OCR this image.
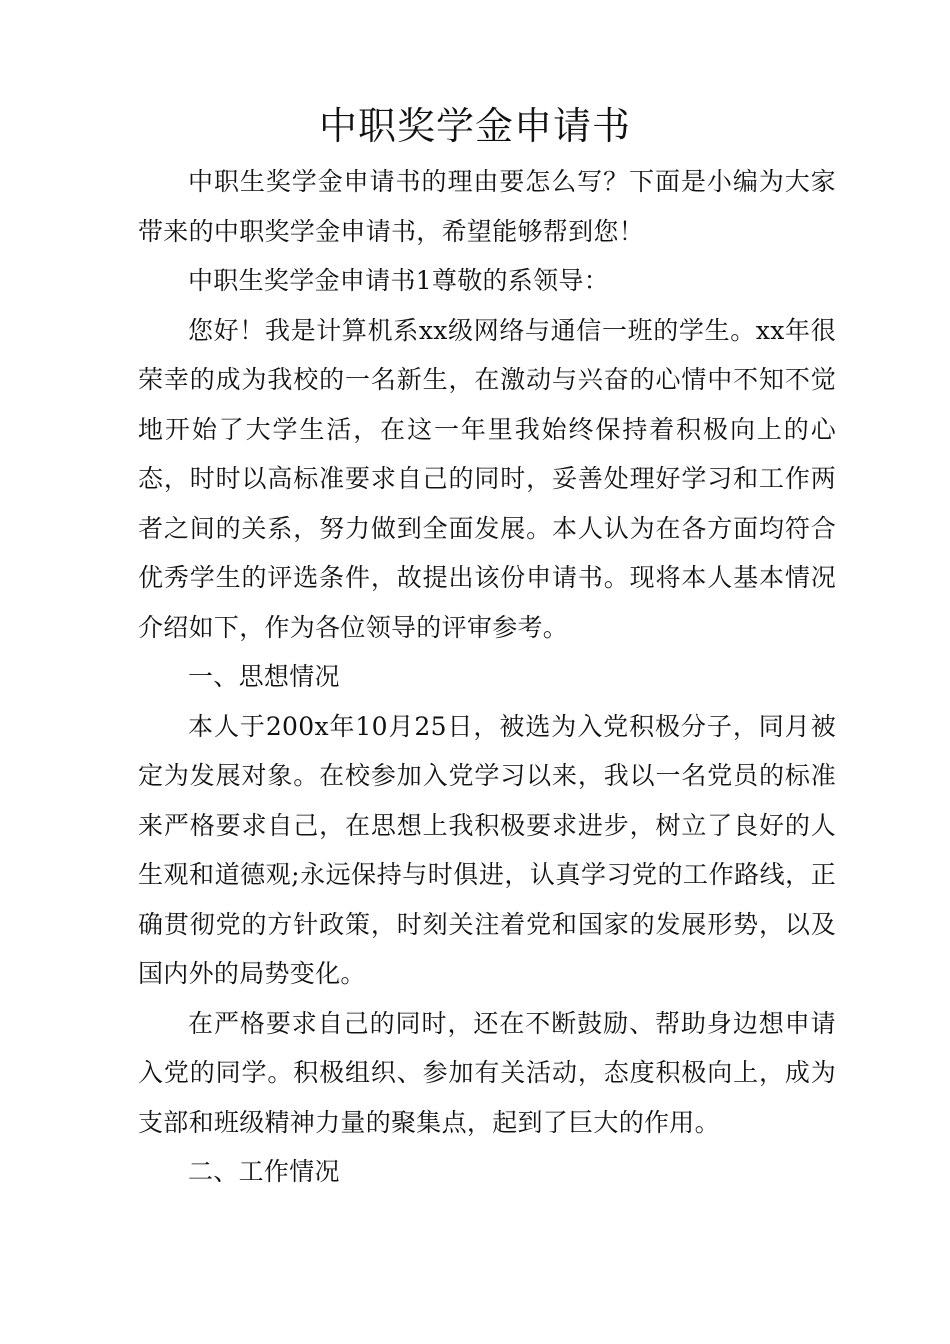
中职奖学金申请书

中职生奖学金申请书的理由要怎么写？下面是小编为大家带来的中职奖学金申请书，希望能够帮到您！

中职生奖学金申请书1尊敬的系领导：

您好！我是计算机系xx级网络与通信一班的学生。xx年很荣幸的成为我校的一名新生，在激动与兴奋的心情中不知不觉地开始了大学生活，在这一年里我始终保持着积极向上的心态，时时以高标准要求自己的同时，妥善处理好学习和工作两者之间的关系，努力做到全面发展。本人认为在各方面均符合优秀学生的评选条件，故提出该份申请书。现将本人基本情况介绍如下，作为各位领导的评审参考。

一、思想情况

本人于200x年10月25日，被选为入党积极分子，同月被定为发展对象。在校参加入党学习以来，我以一名党员的标准来严格要求自己，在思想上我积极要求进步，树立了良好的人生观和道德观;永远保持与时俱进，认真学习党的工作路线，正确贯彻党的方针政策，时刻关注着党和国家的发展形势，以及国内外的局势变化。

在严格要求自己的同时，还在不断鼓励、帮助身边想申请入党的同学。积极组织、参加有关活动，态度积极向上，成为支部和班级精神力量的聚集点，起到了巨大的作用。

二、工作情况
